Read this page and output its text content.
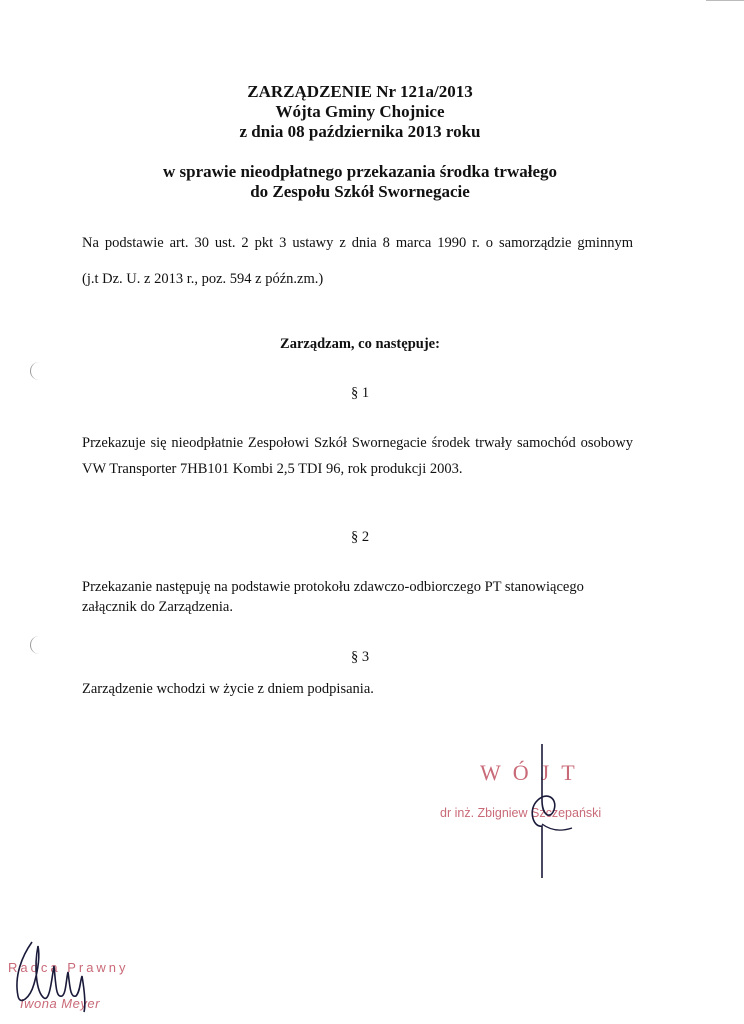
ZARZĄDZENIE Nr 121a/2013
Wójta Gminy Chojnice
z dnia 08 października 2013 roku
w sprawie nieodpłatnego przekazania środka trwałego
do Zespołu Szkół Swornegacie
Na podstawie art. 30 ust. 2 pkt 3 ustawy z dnia 8 marca 1990 r. o samorządzie gminnym
(j.t Dz. U. z 2013 r., poz. 594 z późn.zm.)
Zarządzam, co następuje:
§ 1
Przekazuje się nieodpłatnie Zespołowi Szkół Swornegacie środek trwały samochód osobowy
VW Transporter 7HB101 Kombi 2,5 TDI 96, rok produkcji 2003.
§ 2
Przekazanie następuję na podstawie protokołu zdawczo-odbiorczego PT stanowiącego
załącznik do Zarządzenia.
§ 3
Zarządzenie wchodzi w życie z dniem podpisania.
WÓJT
dr inż. Zbigniew Szczepański
Radca Prawny
Iwona Meyer
